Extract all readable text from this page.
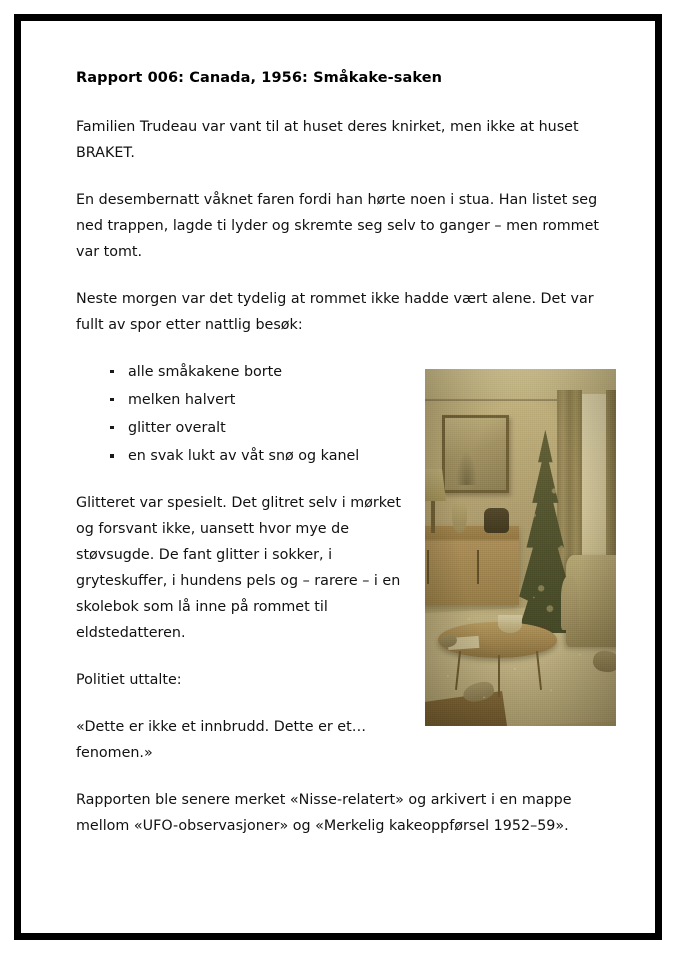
Rapport 006: Canada, 1956: Småkake-saken

Familien Trudeau var vant til at huset deres knirket, men ikke at huset BRAKET.

En desembernatt våknet faren fordi han hørte noen i stua. Han listet seg ned trappen, lagde ti lyder og skremte seg selv to ganger – men rommet var tomt.

Neste morgen var det tydelig at rommet ikke hadde vært alene. Det var fullt av spor etter nattlig besøk:

alle småkakene borte
melken halvert
glitter overalt
en svak lukt av våt snø og kanel

Glitteret var spesielt. Det glitret selv i mørket og forsvant ikke, uansett hvor mye de støvsugde. De fant glitter i sokker, i gryteskuffer, i hundens pels og – rarere – i en skolebok som lå inne på rommet til eldstedatteren.

Politiet uttalte:

«Dette er ikke et innbrudd. Dette er et… fenomen.»

Rapporten ble senere merket «Nisse-relatert» og arkivert i en mappe mellom «UFO-observasjoner» og «Merkelig kakeoppførsel 1952–59».
